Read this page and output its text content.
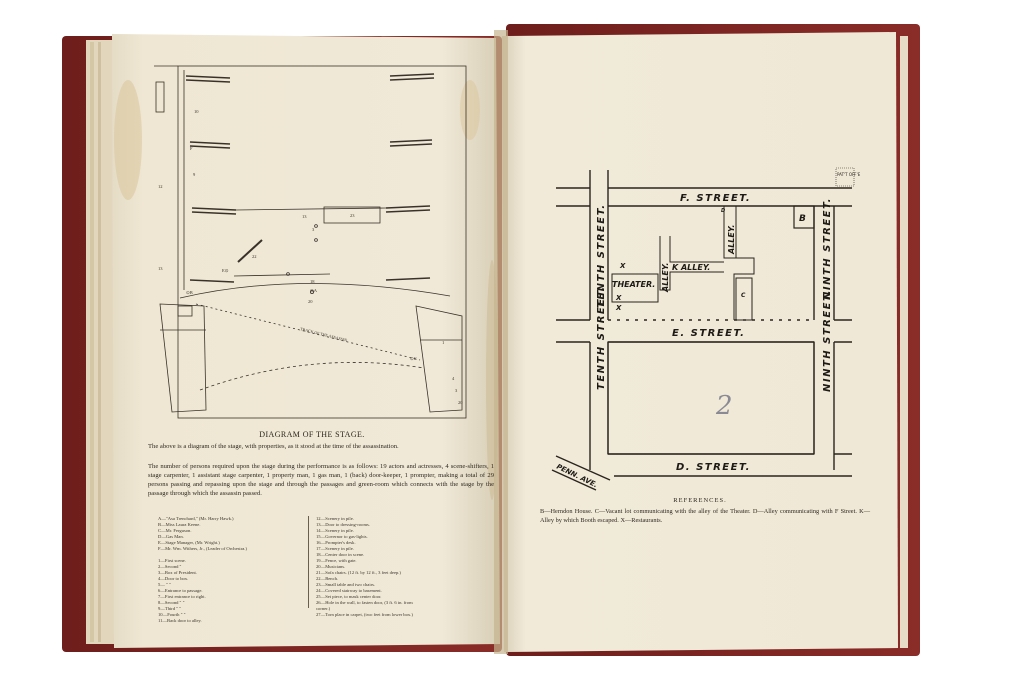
10
F
9
12
13
13	23
3
22
E⊙
18
⊙A
20
⊙B
⊙C
1
4
3
20
TRACK OF THE ASSASSIN
F. STREET.
E. STREET.
D. STREET.
TENTH STREET.
TENTH STREET.	NINTH STREET.
NINTH STREET.
PENN. AVE.
THEATER.
K ALLEY.
ALLEY.
ALLEY.
B
C
D
X
X
X
PAT'T OFF'E
2
DIAGRAM OF THE STAGE.
The above is a diagram of the stage, with properties, as it stood at the time of the assassination.
The number of persons required upon the stage during the performance is as follows: 19 actors and actresses, 4 scene-shifters, 1 stage carpenter, 1 assistant stage carpenter, 1 property man, 1 gas man, 1 (back) door-keeper, 1 prompter, making a total of 29 persons passing and repassing upon the stage and through the passages and green-room which connects with the stage by the passage through which the assassin passed.
A—"Asa Trenchard," (Mr. Harry Hawk.)
B—Miss Laura Keene.
C—Mr. Ferguson.
D—Gas Man.
E—Stage Manager, (Mr. Wright.)
F—Mr. Wm. Withers, Jr., (Leader of Orchestra.)
1—First scene.
2—Second "
3—Box of President.
4—Door to box.
5— " "
6—Entrance to passage.
7—First entrance to right.
8—Second " "
9—Third " "
10—Fourth " "
11—Back door to alley.
12—Scenery in pile.
13—Door to dressing-rooms.
14—Scenery in pile.
15—Governor to gas-lights.
16—Prompter's desk.
17—Scenery in pile.
18—Center door in scene.
19—Fence, with gate.
20—Musicians.
21—Sofa chairs. (12 ft. by 12 ft., 3 feet deep.)
22—Bench.
23—Small table and two chairs.
24—Covered stairway to basement.
25—Set piece, to mask center door.
26—Hole in the wall, to fasten door, (3 ft. 6 in. from
corner.)
27—Torn place in carpet, (two feet from lower box.)
REFERENCES.
B—Herndon House. C—Vacant lot communicating with the alley of the Theater. D—Alley communicating with F Street. K—Alley by which Booth escaped. X—Restaurants.
